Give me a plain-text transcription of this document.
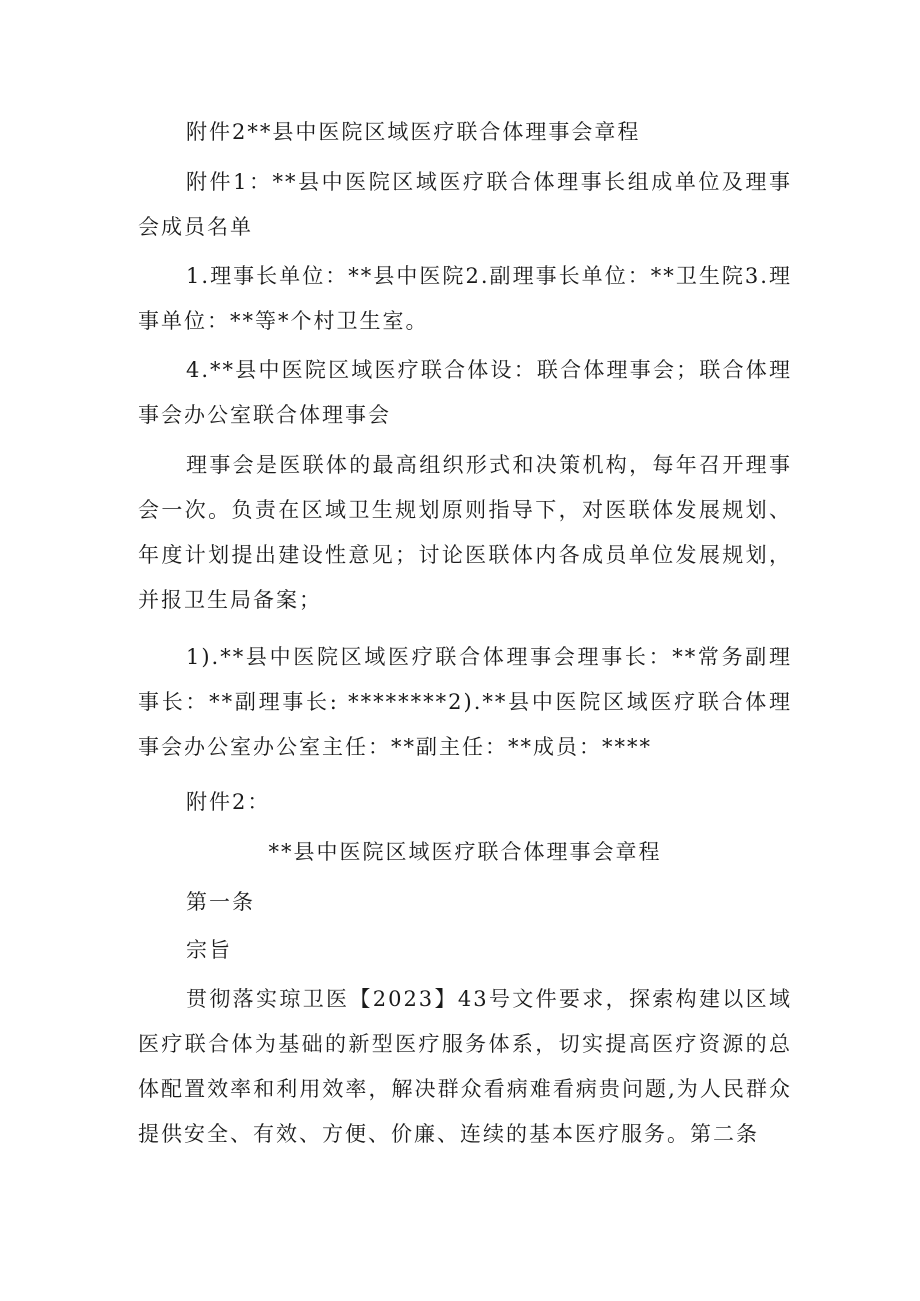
附件2**县中医院区域医疗联合体理事会章程

附件1：**县中医院区域医疗联合体理事长组成单位及理事会成员名单

1.理事长单位：**县中医院2.副理事长单位：**卫生院3.理事单位：**等*个村卫生室。

4.**县中医院区域医疗联合体设：联合体理事会；联合体理事会办公室联合体理事会

理事会是医联体的最高组织形式和决策机构，每年召开理事会一次。负责在区域卫生规划原则指导下，对医联体发展规划、年度计划提出建设性意见；讨论医联体内各成员单位发展规划，并报卫生局备案；

1).**县中医院区域医疗联合体理事会理事长：**常务副理事长：**副理事长: ********2).**县中医院区域医疗联合体理事会办公室办公室主任：**副主任：**成员：****

附件2：

**县中医院区域医疗联合体理事会章程

第一条

宗旨

贯彻落实琼卫医【2023】43号文件要求，探索构建以区域医疗联合体为基础的新型医疗服务体系，切实提高医疗资源的总体配置效率和利用效率，解决群众看病难看病贵问题,为人民群众提供安全、有效、方便、价廉、连续的基本医疗服务。第二条
